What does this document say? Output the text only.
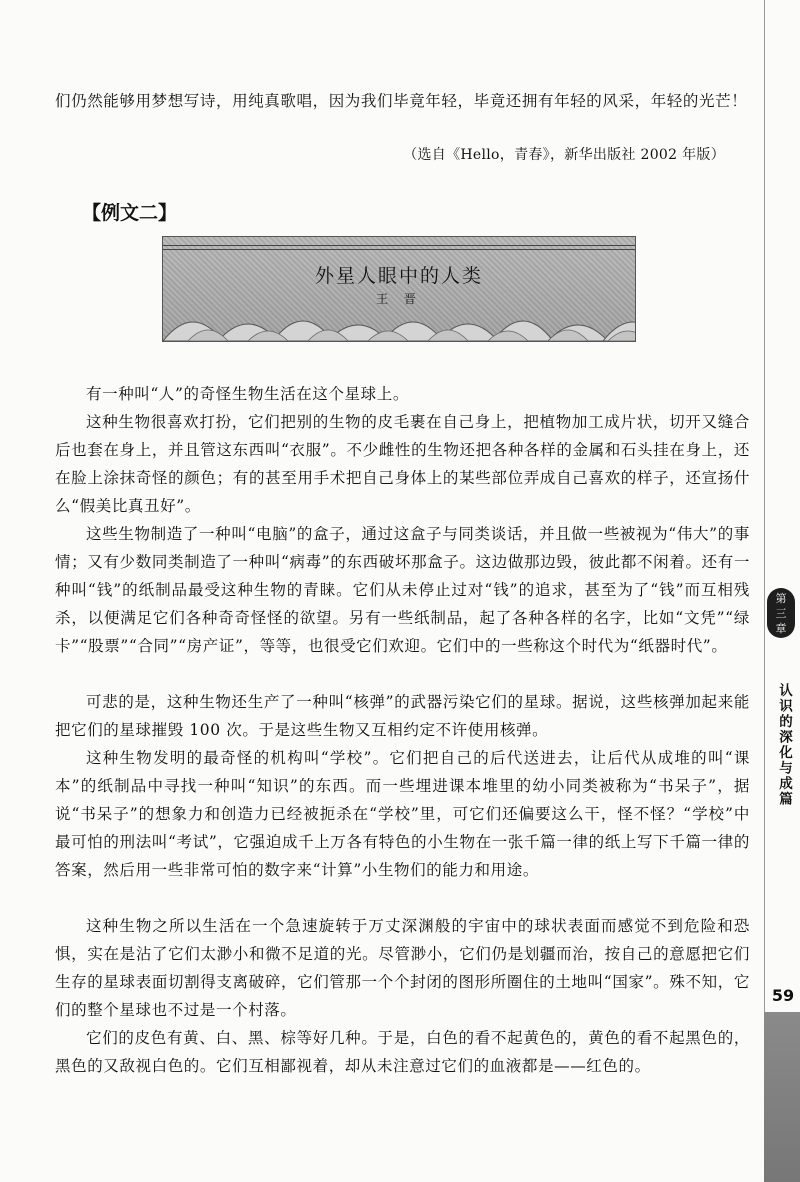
们仍然能够用梦想写诗，用纯真歌唱，因为我们毕竟年轻，毕竟还拥有年轻的风采，年轻的光芒！

（选自《Hello，青春》，新华出版社 2002 年版）
【例文二】
外星人眼中的人类
王 晋

有一种叫“人”的奇怪生物生活在这个星球上。

这种生物很喜欢打扮，它们把别的生物的皮毛裹在自己身上，把植物加工成片状，切开又缝合后也套在身上，并且管这东西叫“衣服”。不少雌性的生物还把各种各样的金属和石头挂在身上，还在脸上涂抹奇怪的颜色；有的甚至用手术把自己身体上的某些部位弄成自己喜欢的样子，还宣扬什么“假美比真丑好”。

这些生物制造了一种叫“电脑”的盒子，通过这盒子与同类谈话，并且做一些被视为“伟大”的事情；又有少数同类制造了一种叫“病毒”的东西破坏那盒子。这边做那边毁，彼此都不闲着。还有一种叫“钱”的纸制品最受这种生物的青睐。它们从未停止过对“钱”的追求，甚至为了“钱”而互相残杀，以便满足它们各种奇奇怪怪的欲望。另有一些纸制品，起了各种各样的名字，比如“文凭”“绿卡”“股票”“合同”“房产证”，等等，也很受它们欢迎。它们中的一些称这个时代为“纸器时代”。

可悲的是，这种生物还生产了一种叫“核弹”的武器污染它们的星球。据说，这些核弹加起来能把它们的星球摧毁 100 次。于是这些生物又互相约定不许使用核弹。

这种生物发明的最奇怪的机构叫“学校”。它们把自己的后代送进去，让后代从成堆的叫“课本”的纸制品中寻找一种叫“知识”的东西。而一些埋进课本堆里的幼小同类被称为“书呆子”，据说“书呆子”的想象力和创造力已经被扼杀在“学校”里，可它们还偏要这么干，怪不怪？“学校”中最可怕的刑法叫“考试”，它强迫成千上万各有特色的小生物在一张千篇一律的纸上写下千篇一律的答案，然后用一些非常可怕的数字来“计算”小生物们的能力和用途。

这种生物之所以生活在一个急速旋转于万丈深渊般的宇宙中的球状表面而感觉不到危险和恐惧，实在是沾了它们太渺小和微不足道的光。尽管渺小，它们仍是划疆而治，按自己的意愿把它们生存的星球表面切割得支离破碎，它们管那一个个封闭的图形所圈住的土地叫“国家”。殊不知，它们的整个星球也不过是一个村落。

它们的皮色有黄、白、黑、棕等好几种。于是，白色的看不起黄色的，黄色的看不起黑色的，黑色的又敌视白色的。它们互相鄙视着，却从未注意过它们的血液都是——红色的。

第
三
章
认识的深化与成篇
59
